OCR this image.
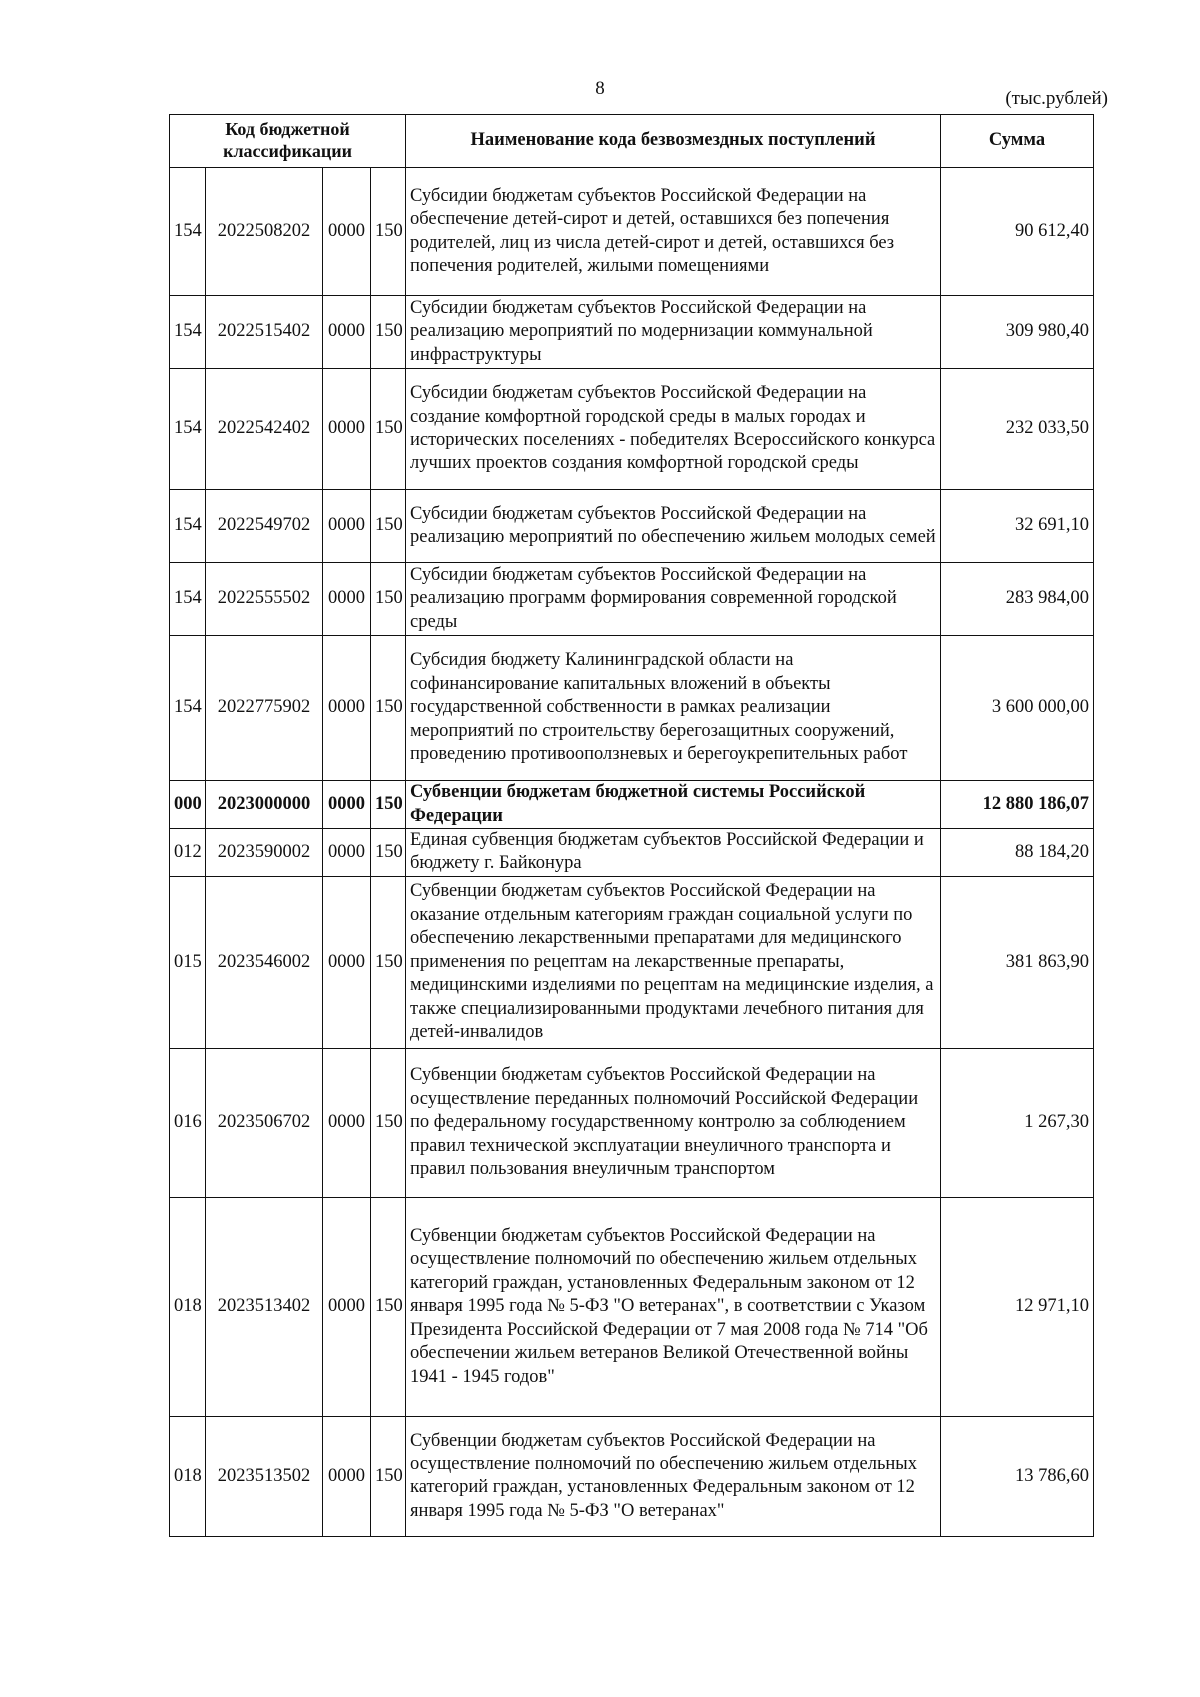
8	(тыс.рублей)
Код бюджетной классификации				Наименование кода безвозмездных поступлений	Сумма
154	2022508202	0000	150	Субсидии бюджетам субъектов Российской Федерации на обеспечение детей-сирот и детей, оставшихся без попечения родителей, лиц из числа детей-сирот и детей, оставшихся без попечения родителей, жилыми помещениями	90 612,40
154	2022515402	0000	150	Субсидии бюджетам субъектов Российской Федерации на реализацию мероприятий по модернизации коммунальной инфраструктуры	309 980,40
154	2022542402	0000	150	Субсидии бюджетам субъектов Российской Федерации на создание комфортной городской среды в малых городах и исторических поселениях - победителях Всероссийского конкурса лучших проектов создания комфортной городской среды	232 033,50
154	2022549702	0000	150	Субсидии бюджетам субъектов Российской Федерации на реализацию мероприятий по обеспечению жильем молодых семей	32 691,10
154	2022555502	0000	150	Субсидии бюджетам субъектов Российской Федерации на реализацию программ формирования современной городской среды	283 984,00
154	2022775902	0000	150	Субсидия бюджету Калининградской области на софинансирование капитальных вложений в объекты государственной собственности в рамках реализации мероприятий по строительству берегозащитных сооружений, проведению противооползневых и берегоукрепительных работ	3 600 000,00
000	2023000000	0000	150	Субвенции бюджетам бюджетной системы Российской Федерации	12 880 186,07
012	2023590002	0000	150	Единая субвенция бюджетам субъектов Российской Федерации и бюджету г. Байконура	88 184,20
015	2023546002	0000	150	Субвенции бюджетам субъектов Российской Федерации на оказание отдельным категориям граждан социальной услуги по обеспечению лекарственными препаратами для медицинского применения по рецептам на лекарственные препараты, медицинскими изделиями по рецептам на медицинские изделия, а также специализированными продуктами лечебного питания для детей-инвалидов	381 863,90
016	2023506702	0000	150	Субвенции бюджетам субъектов Российской Федерации на осуществление переданных полномочий Российской Федерации по федеральному государственному контролю за соблюдением правил технической эксплуатации внеуличного транспорта и правил пользования внеуличным транспортом	1 267,30
018	2023513402	0000	150	Субвенции бюджетам субъектов Российской Федерации на осуществление полномочий по обеспечению жильем отдельных категорий граждан, установленных Федеральным законом от 12 января 1995 года № 5-ФЗ "О ветеранах", в соответствии с Указом Президента Российской Федерации от 7 мая 2008 года № 714 "Об обеспечении жильем ветеранов Великой Отечественной войны 1941 - 1945 годов"	12 971,10
018	2023513502	0000	150	Субвенции бюджетам субъектов Российской Федерации на осуществление полномочий по обеспечению жильем отдельных категорий граждан, установленных Федеральным законом от 12 января 1995 года № 5-ФЗ "О ветеранах"	13 786,60
